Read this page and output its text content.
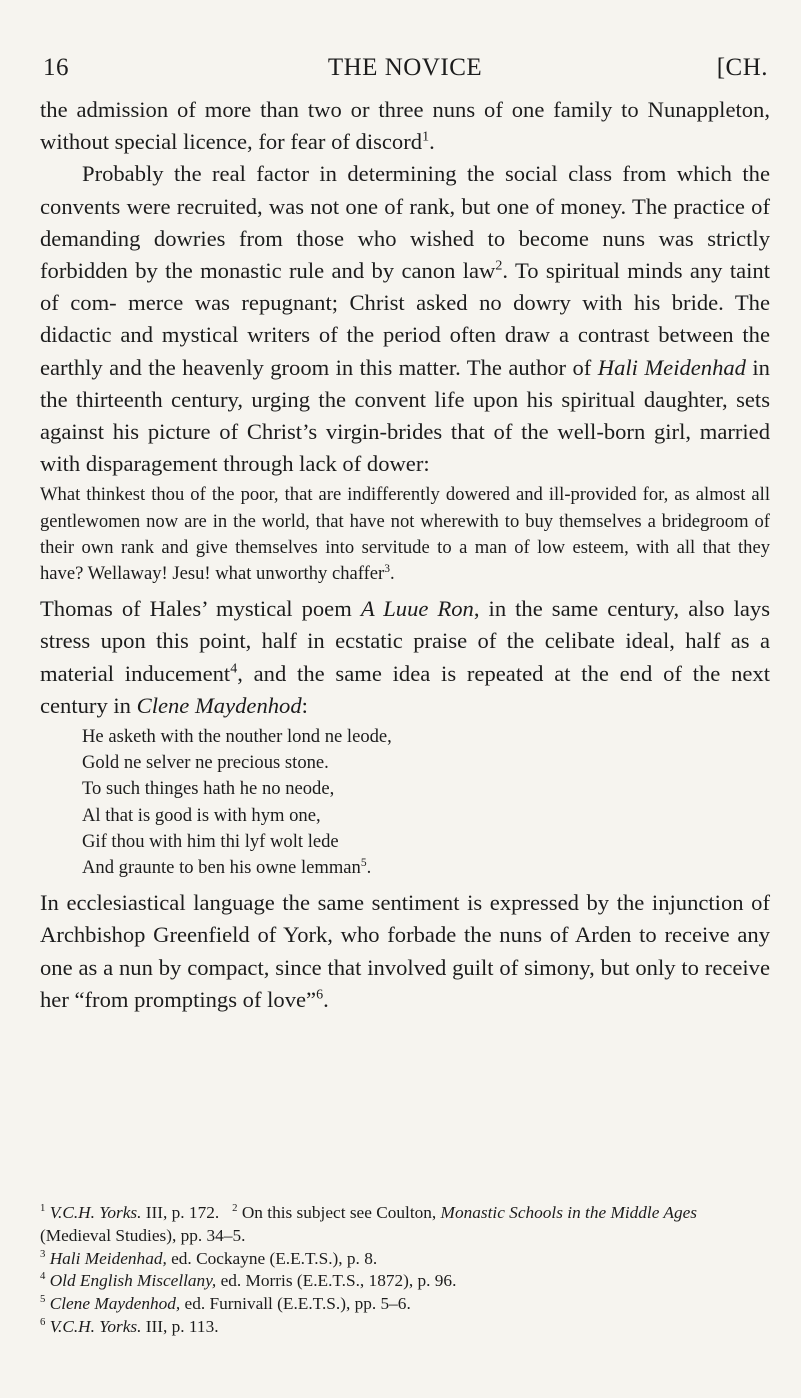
16	THE NOVICE	[CH.

the admission of more than two or three nuns of one family to Nunappleton, without special licence, for fear of discord$^1$.

Probably the real factor in determining the social class from which the convents were recruited, was not one of rank, but one of money. The practice of demanding dowries from those who wished to become nuns was strictly forbidden by the monastic rule and by canon law$^2$. To spiritual minds any taint of com- merce was repugnant; Christ asked no dowry with his bride. The didactic and mystical writers of the period often draw a contrast between the earthly and the heavenly groom in this matter. The author of Hali Meidenhad in the thirteenth century, urging the convent life upon his spiritual daughter, sets against his picture of Christ’s virgin-brides that of the well-born girl, married with disparagement through lack of dower:

What thinkest thou of the poor, that are indifferently dowered and ill-provided for, as almost all gentlewomen now are in the world, that have not wherewith to buy themselves a bridegroom of their own rank and give themselves into servitude to a man of low esteem, with all that they have? Wellaway! Jesu! what unworthy chaffer$^3$.

Thomas of Hales’ mystical poem A Luue Ron, in the same century, also lays stress upon this point, half in ecstatic praise of the celibate ideal, half as a material inducement$^4$, and the same idea is repeated at the end of the next century in Clene Maydenhod:

He asketh with the nouther lond ne leode,
Gold ne selver ne precious stone.
To such thinges hath he no neode,
Al that is good is with hym one,
Gif thou with him thi lyf wolt lede
And graunte to ben his owne lemman$^5$.

In ecclesiastical language the same sentiment is expressed by the injunction of Archbishop Greenfield of York, who forbade the nuns of Arden to receive any one as a nun by compact, since that involved guilt of simony, but only to receive her “from promptings of love”$^6$.

$^1$ V.C.H. Yorks. III, p. 172. $^2$ On this subject see Coulton, Monastic Schools in the Middle Ages (Medieval Studies), pp. 34–5.
$^3$ Hali Meidenhad, ed. Cockayne (E.E.T.S.), p. 8.
$^4$ Old English Miscellany, ed. Morris (E.E.T.S., 1872), p. 96.
$^5$ Clene Maydenhod, ed. Furnivall (E.E.T.S.), pp. 5–6.
$^6$ V.C.H. Yorks. III, p. 113.
